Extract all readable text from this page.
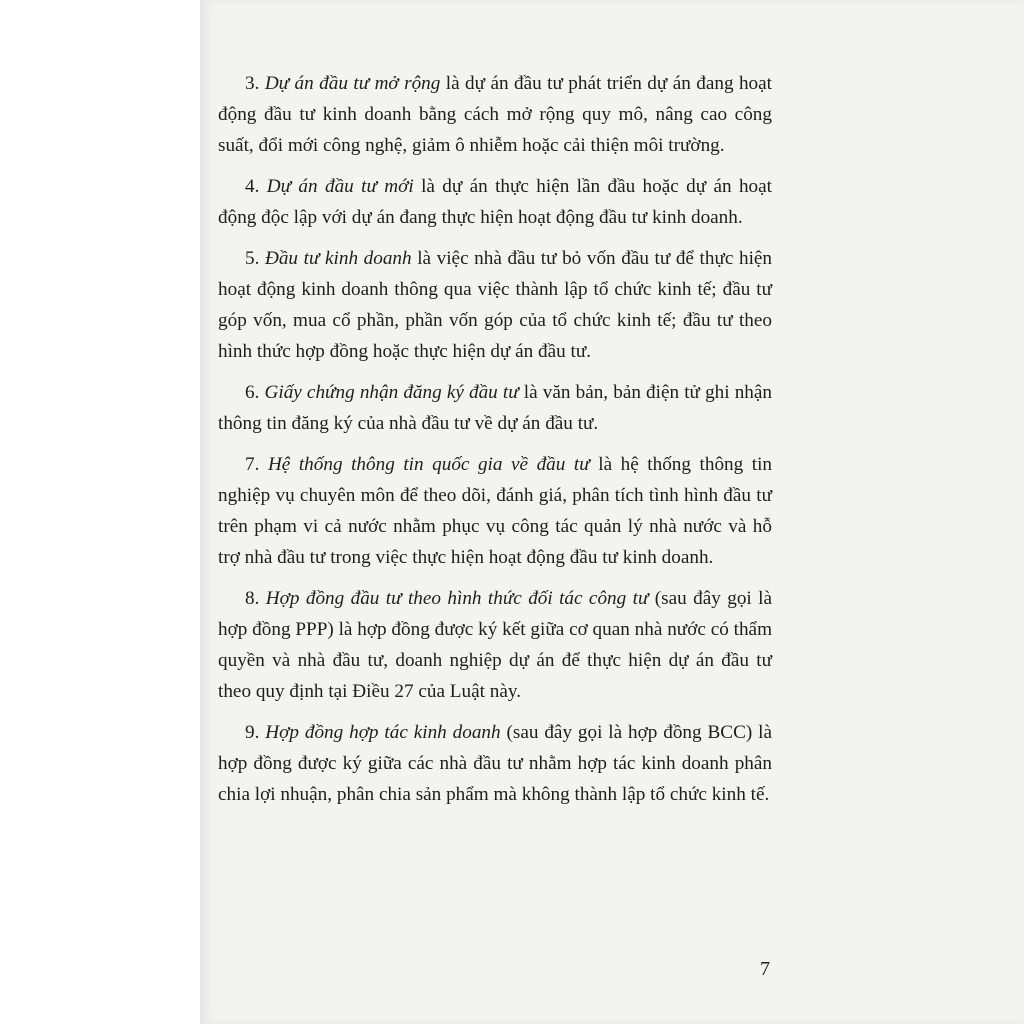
3. Dự án đầu tư mở rộng là dự án đầu tư phát triển dự án đang hoạt động đầu tư kinh doanh bằng cách mở rộng quy mô, nâng cao công suất, đổi mới công nghệ, giảm ô nhiễm hoặc cải thiện môi trường.

4. Dự án đầu tư mới là dự án thực hiện lần đầu hoặc dự án hoạt động độc lập với dự án đang thực hiện hoạt động đầu tư kinh doanh.

5. Đầu tư kinh doanh là việc nhà đầu tư bỏ vốn đầu tư để thực hiện hoạt động kinh doanh thông qua việc thành lập tổ chức kinh tế; đầu tư góp vốn, mua cổ phần, phần vốn góp của tổ chức kinh tế; đầu tư theo hình thức hợp đồng hoặc thực hiện dự án đầu tư.

6. Giấy chứng nhận đăng ký đầu tư là văn bản, bản điện tử ghi nhận thông tin đăng ký của nhà đầu tư về dự án đầu tư.

7. Hệ thống thông tin quốc gia về đầu tư là hệ thống thông tin nghiệp vụ chuyên môn để theo dõi, đánh giá, phân tích tình hình đầu tư trên phạm vi cả nước nhằm phục vụ công tác quản lý nhà nước và hỗ trợ nhà đầu tư trong việc thực hiện hoạt động đầu tư kinh doanh.

8. Hợp đồng đầu tư theo hình thức đối tác công tư (sau đây gọi là hợp đồng PPP) là hợp đồng được ký kết giữa cơ quan nhà nước có thẩm quyền và nhà đầu tư, doanh nghiệp dự án để thực hiện dự án đầu tư theo quy định tại Điều 27 của Luật này.

9. Hợp đồng hợp tác kinh doanh (sau đây gọi là hợp đồng BCC) là hợp đồng được ký giữa các nhà đầu tư nhằm hợp tác kinh doanh phân chia lợi nhuận, phân chia sản phẩm mà không thành lập tổ chức kinh tế.

7
